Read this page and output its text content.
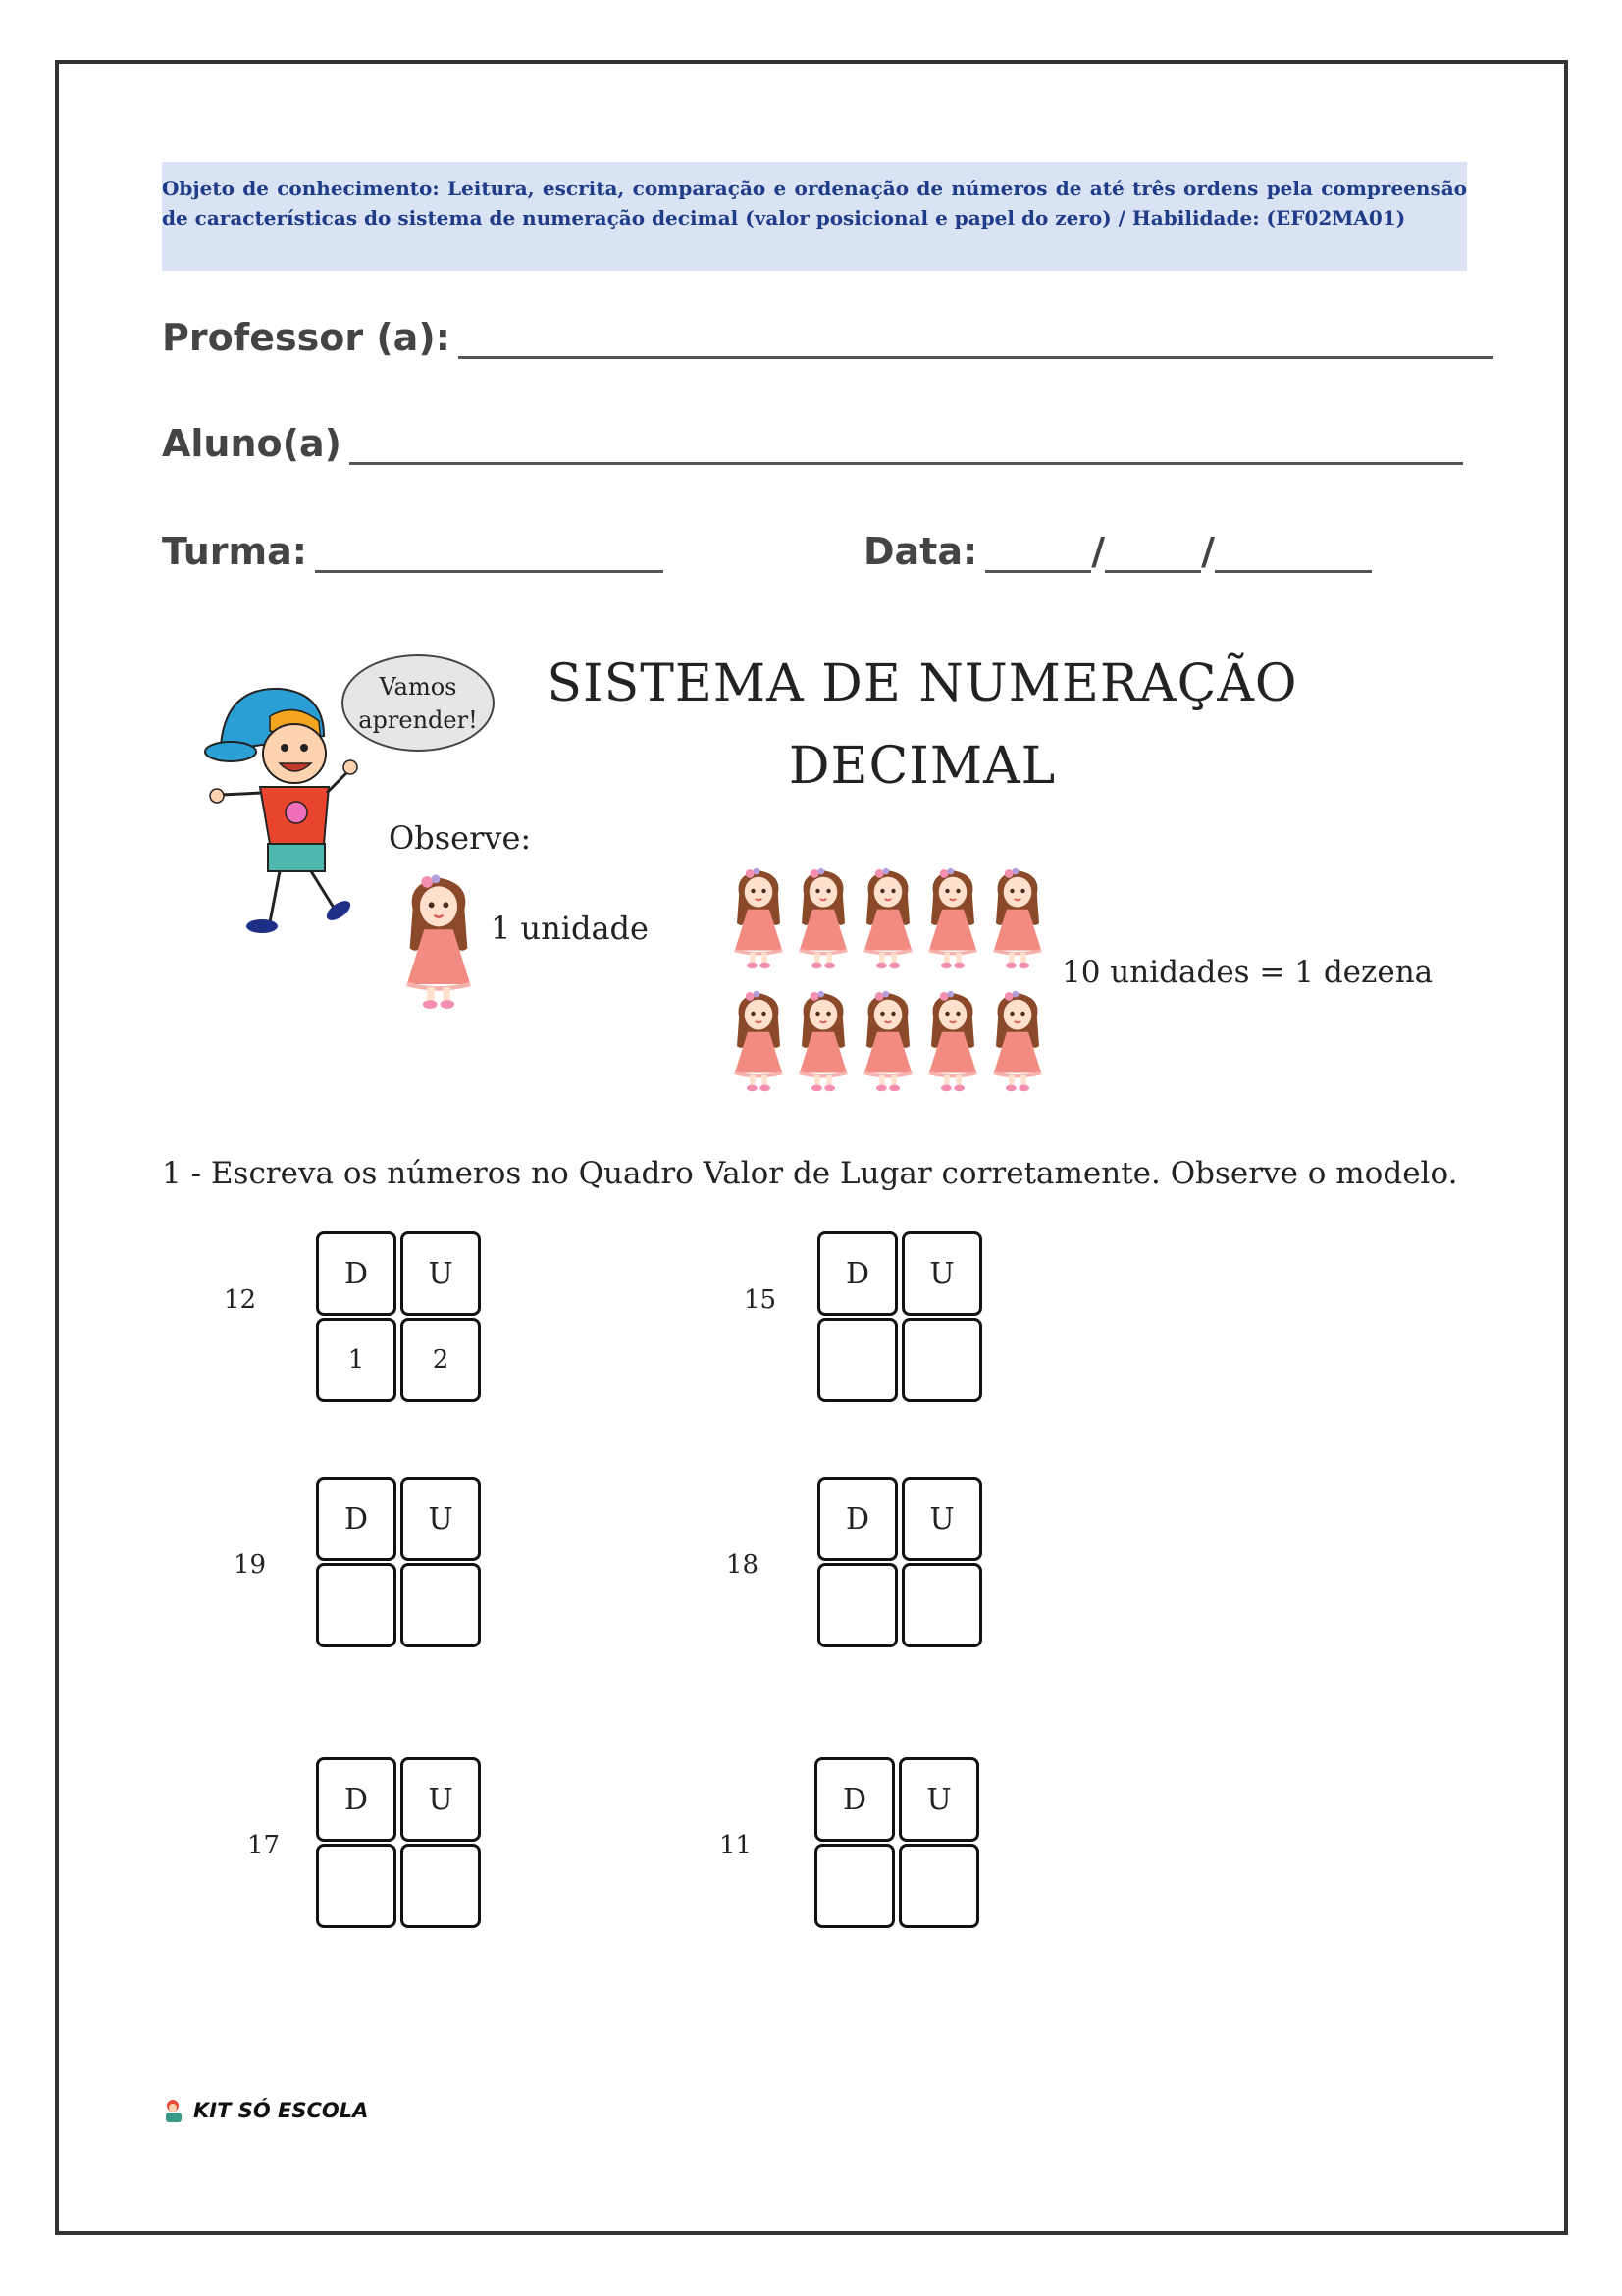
Objeto de conhecimento: Leitura, escrita, comparação e ordenação de números de até três ordens pela compreensão de características do sistema de numeração decimal (valor posicional e papel do zero) / Habilidade: (EF02MA01)
Professor (a):
Aluno(a)
Turma:	Data:	/	/
Vamos
aprender!
SISTEMA DE NUMERAÇÃO
DECIMAL
Observe:
1 unidade
10 unidades = 1 dezena
1 - Escreva os números no Quadro Valor de Lugar corretamente. Observe o modelo.
12
D	U
1	2
15
D	U
19
D	U
18
D	U
17
D	U
11
D	U
KIT SÓ ESCOLA
